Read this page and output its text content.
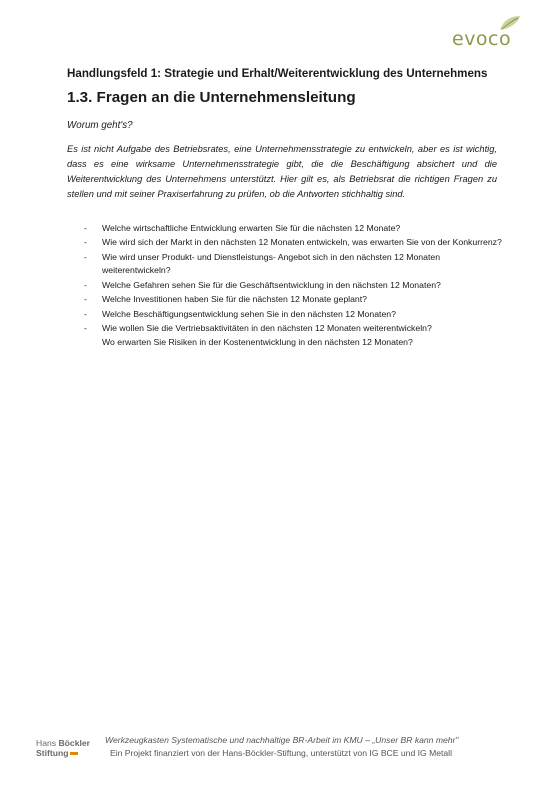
evoco
Handlungsfeld 1: Strategie und Erhalt/Weiterentwicklung des Unternehmens
1.3. Fragen an die Unternehmensleitung
Worum geht's?
Es ist nicht Aufgabe des Betriebsrates, eine Unternehmensstrategie zu entwickeln, aber es ist wichtig, dass es eine wirksame Unternehmensstrategie gibt, die die Beschäftigung absichert und die Weiterentwicklung des Unternehmens unterstützt. Hier gilt es, als Betriebsrat die richtigen Fragen zu stellen und mit seiner Praxiserfahrung zu prüfen, ob die Antworten stichhaltig sind.
- Welche wirtschaftliche Entwicklung erwarten Sie für die nächsten 12 Monate?
- Wie wird sich der Markt in den nächsten 12 Monaten entwickeln, was erwarten Sie von der Konkurrenz?
- Wie wird unser Produkt- und Dienstleistungs- Angebot sich in den nächsten 12 Monaten weiterentwickeln?
- Welche Gefahren sehen Sie für die Geschäftsentwicklung in den nächsten 12 Monaten?
- Welche Investitionen haben Sie für die nächsten 12 Monate geplant?
- Welche Beschäftigungsentwicklung sehen Sie in den nächsten 12 Monaten?
- Wie wollen Sie die Vertriebsaktivitäten in den nächsten 12 Monaten weiterentwickeln?
Wo erwarten Sie Risiken in der Kostenentwicklung in den nächsten 12 Monaten?
Hans Böckler
Stiftung
Werkzeugkasten Systematische und nachhaltige BR-Arbeit im KMU – „Unser BR kann mehr"
Ein Projekt finanziert von der Hans-Böckler-Stiftung, unterstützt von IG BCE und IG Metall
